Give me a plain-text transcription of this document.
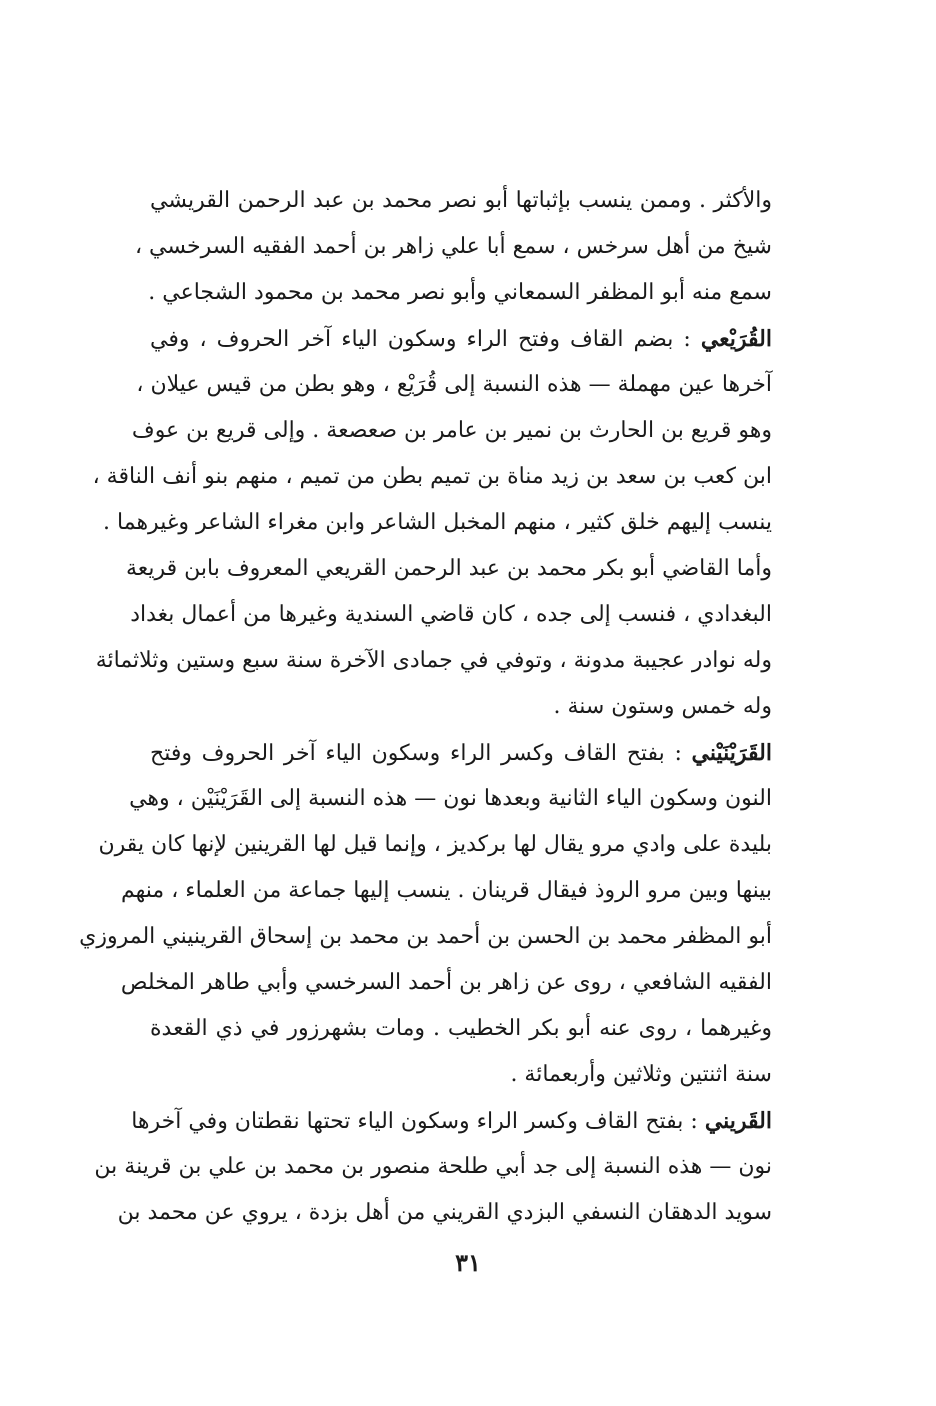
والأكثر . وممن ينسب بإثباتها أبو نصر محمد بن عبد الرحمن القريشي
شيخ من أهل سرخس ، سمع أبا علي زاهر بن أحمد الفقيه السرخسي ،
سمع منه أبو المظفر السمعاني وأبو نصر محمد بن محمود الشجاعي .
القُرَيْعي : بضم القاف وفتح الراء وسكون الياء آخر الحروف ، وفي
آخرها عين مهملة — هذه النسبة إلى قُرَيْع ، وهو بطن من قيس عيلان ،
وهو قريع بن الحارث بن نمير بن عامر بن صعصعة . وإلى قريع بن عوف
ابن كعب بن سعد بن زيد مناة بن تميم بطن من تميم ، منهم بنو أنف الناقة ،
ينسب إليهم خلق كثير ، منهم المخبل الشاعر وابن مغراء الشاعر وغيرهما .
وأما القاضي أبو بكر محمد بن عبد الرحمن القريعي المعروف بابن قريعة
البغدادي ، فنسب إلى جده ، كان قاضي السندية وغيرها من أعمال بغداد
وله نوادر عجيبة مدونة ، وتوفي في جمادى الآخرة سنة سبع وستين وثلاثمائة
وله خمس وستون سنة .
القَرَيْنَيْني : بفتح القاف وكسر الراء وسكون الياء آخر الحروف وفتح
النون وسكون الياء الثانية وبعدها نون — هذه النسبة إلى القَرَيْنَيْن ، وهي
بليدة على وادي مرو يقال لها بركديز ، وإنما قيل لها القرينين لإنها كان يقرن
بينها وبين مرو الروذ فيقال قرينان . ينسب إليها جماعة من العلماء ، منهم
أبو المظفر محمد بن الحسن بن أحمد بن محمد بن إسحاق القرينيني المروزي
الفقيه الشافعي ، روى عن زاهر بن أحمد السرخسي وأبي طاهر المخلص
وغيرهما ، روى عنه أبو بكر الخطيب . ومات بشهرزور في ذي القعدة
سنة اثنتين وثلاثين وأربعمائة .
القَريني : بفتح القاف وكسر الراء وسكون الياء تحتها نقطتان وفي آخرها
نون — هذه النسبة إلى جد أبي طلحة منصور بن محمد بن علي بن قرينة بن
سويد الدهقان النسفي البزدي القريني من أهل بزدة ، يروي عن محمد بن
٣١
